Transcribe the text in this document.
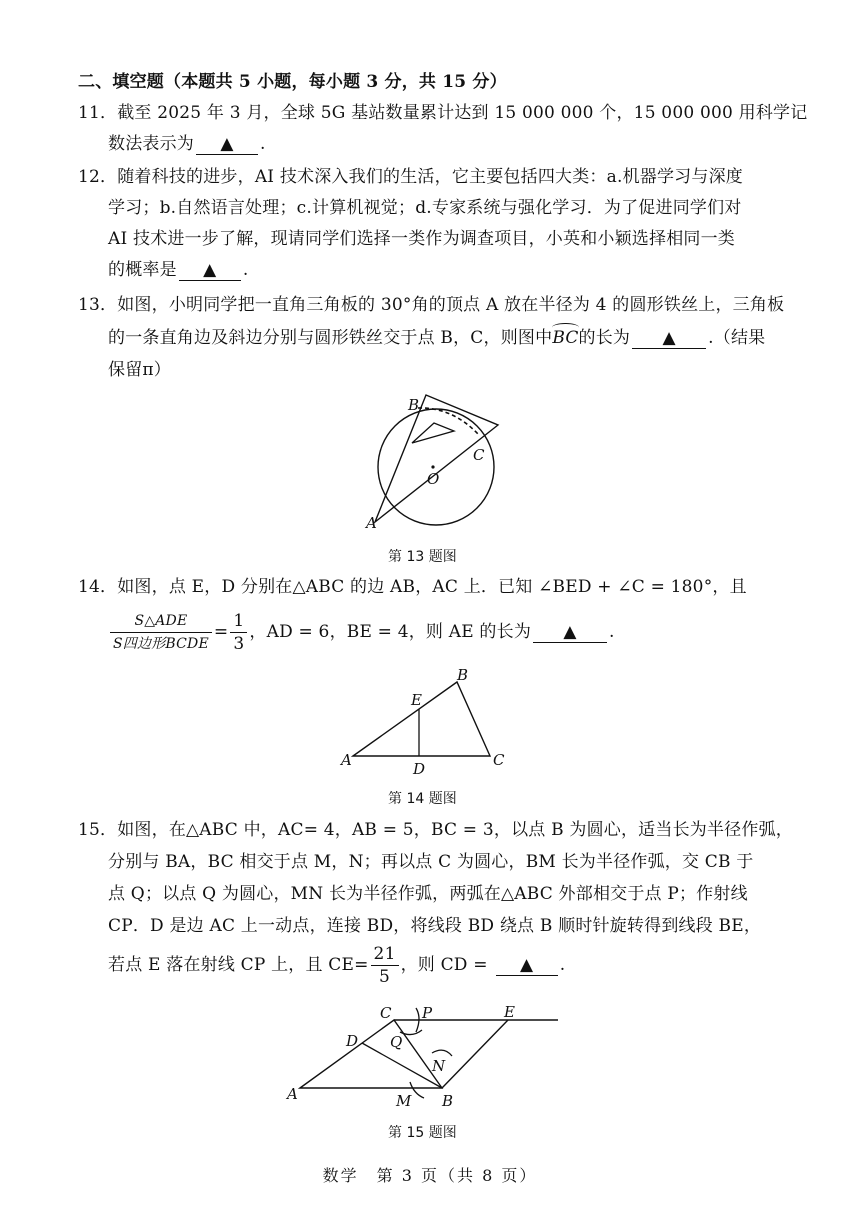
二、填空题（本题共 5 小题，每小题 3 分，共 15 分）
11．截至 2025 年 3 月，全球 5G 基站数量累计达到 15 000 000 个，15 000 000 用科学记
数法表示为 ▲ .
12．随着科技的进步，AI 技术深入我们的生活，它主要包括四大类：a.机器学习与深度
学习；b.自然语言处理；c.计算机视觉；d.专家系统与强化学习．为了促进同学们对
AI 技术进一步了解，现请同学们选择一类作为调查项目，小英和小颖选择相同一类
的概率是 ▲ .
13．如图，小明同学把一直角三角板的 30°角的顶点 A 放在半径为 4 的圆形铁丝上，三角板
的一条直角边及斜边分别与圆形铁丝交于点 B，C，则图中BC的长为 ▲ .（结果
保留π）
A
B
C
O
第 13 题图
14．如图，点 E，D 分别在△ABC 的边 AB，AC 上．已知 ∠BED + ∠C = 180°，且
$\frac{\text{S△ADE}}{\text{S四边形BCDE}} = \frac{1}{3}$ ，AD = 6，BE = 4，则 AE 的长为 ▲ .
A
B
C
D
E
第 14 题图
15．如图，在△ABC 中，AC= 4，AB = 5，BC = 3，以点 B 为圆心，适当长为半径作弧，
分别与 BA，BC 相交于点 M，N；再以点 C 为圆心，BM 长为半径作弧，交 CB 于
点 Q；以点 Q 为圆心，MN 长为半径作弧，两弧在△ABC 外部相交于点 P；作射线
CP．D 是边 AC 上一动点，连接 BD，将线段 BD 绕点 B 顺时针旋转得到线段 BE，
若点 E 落在射线 CP 上，且 $CE= \frac{21}{5}$ ，则 CD = ▲ .
A	B
C
D
E
M
N
P
Q
第 15 题图
数学　第 3 页（共 8 页）
